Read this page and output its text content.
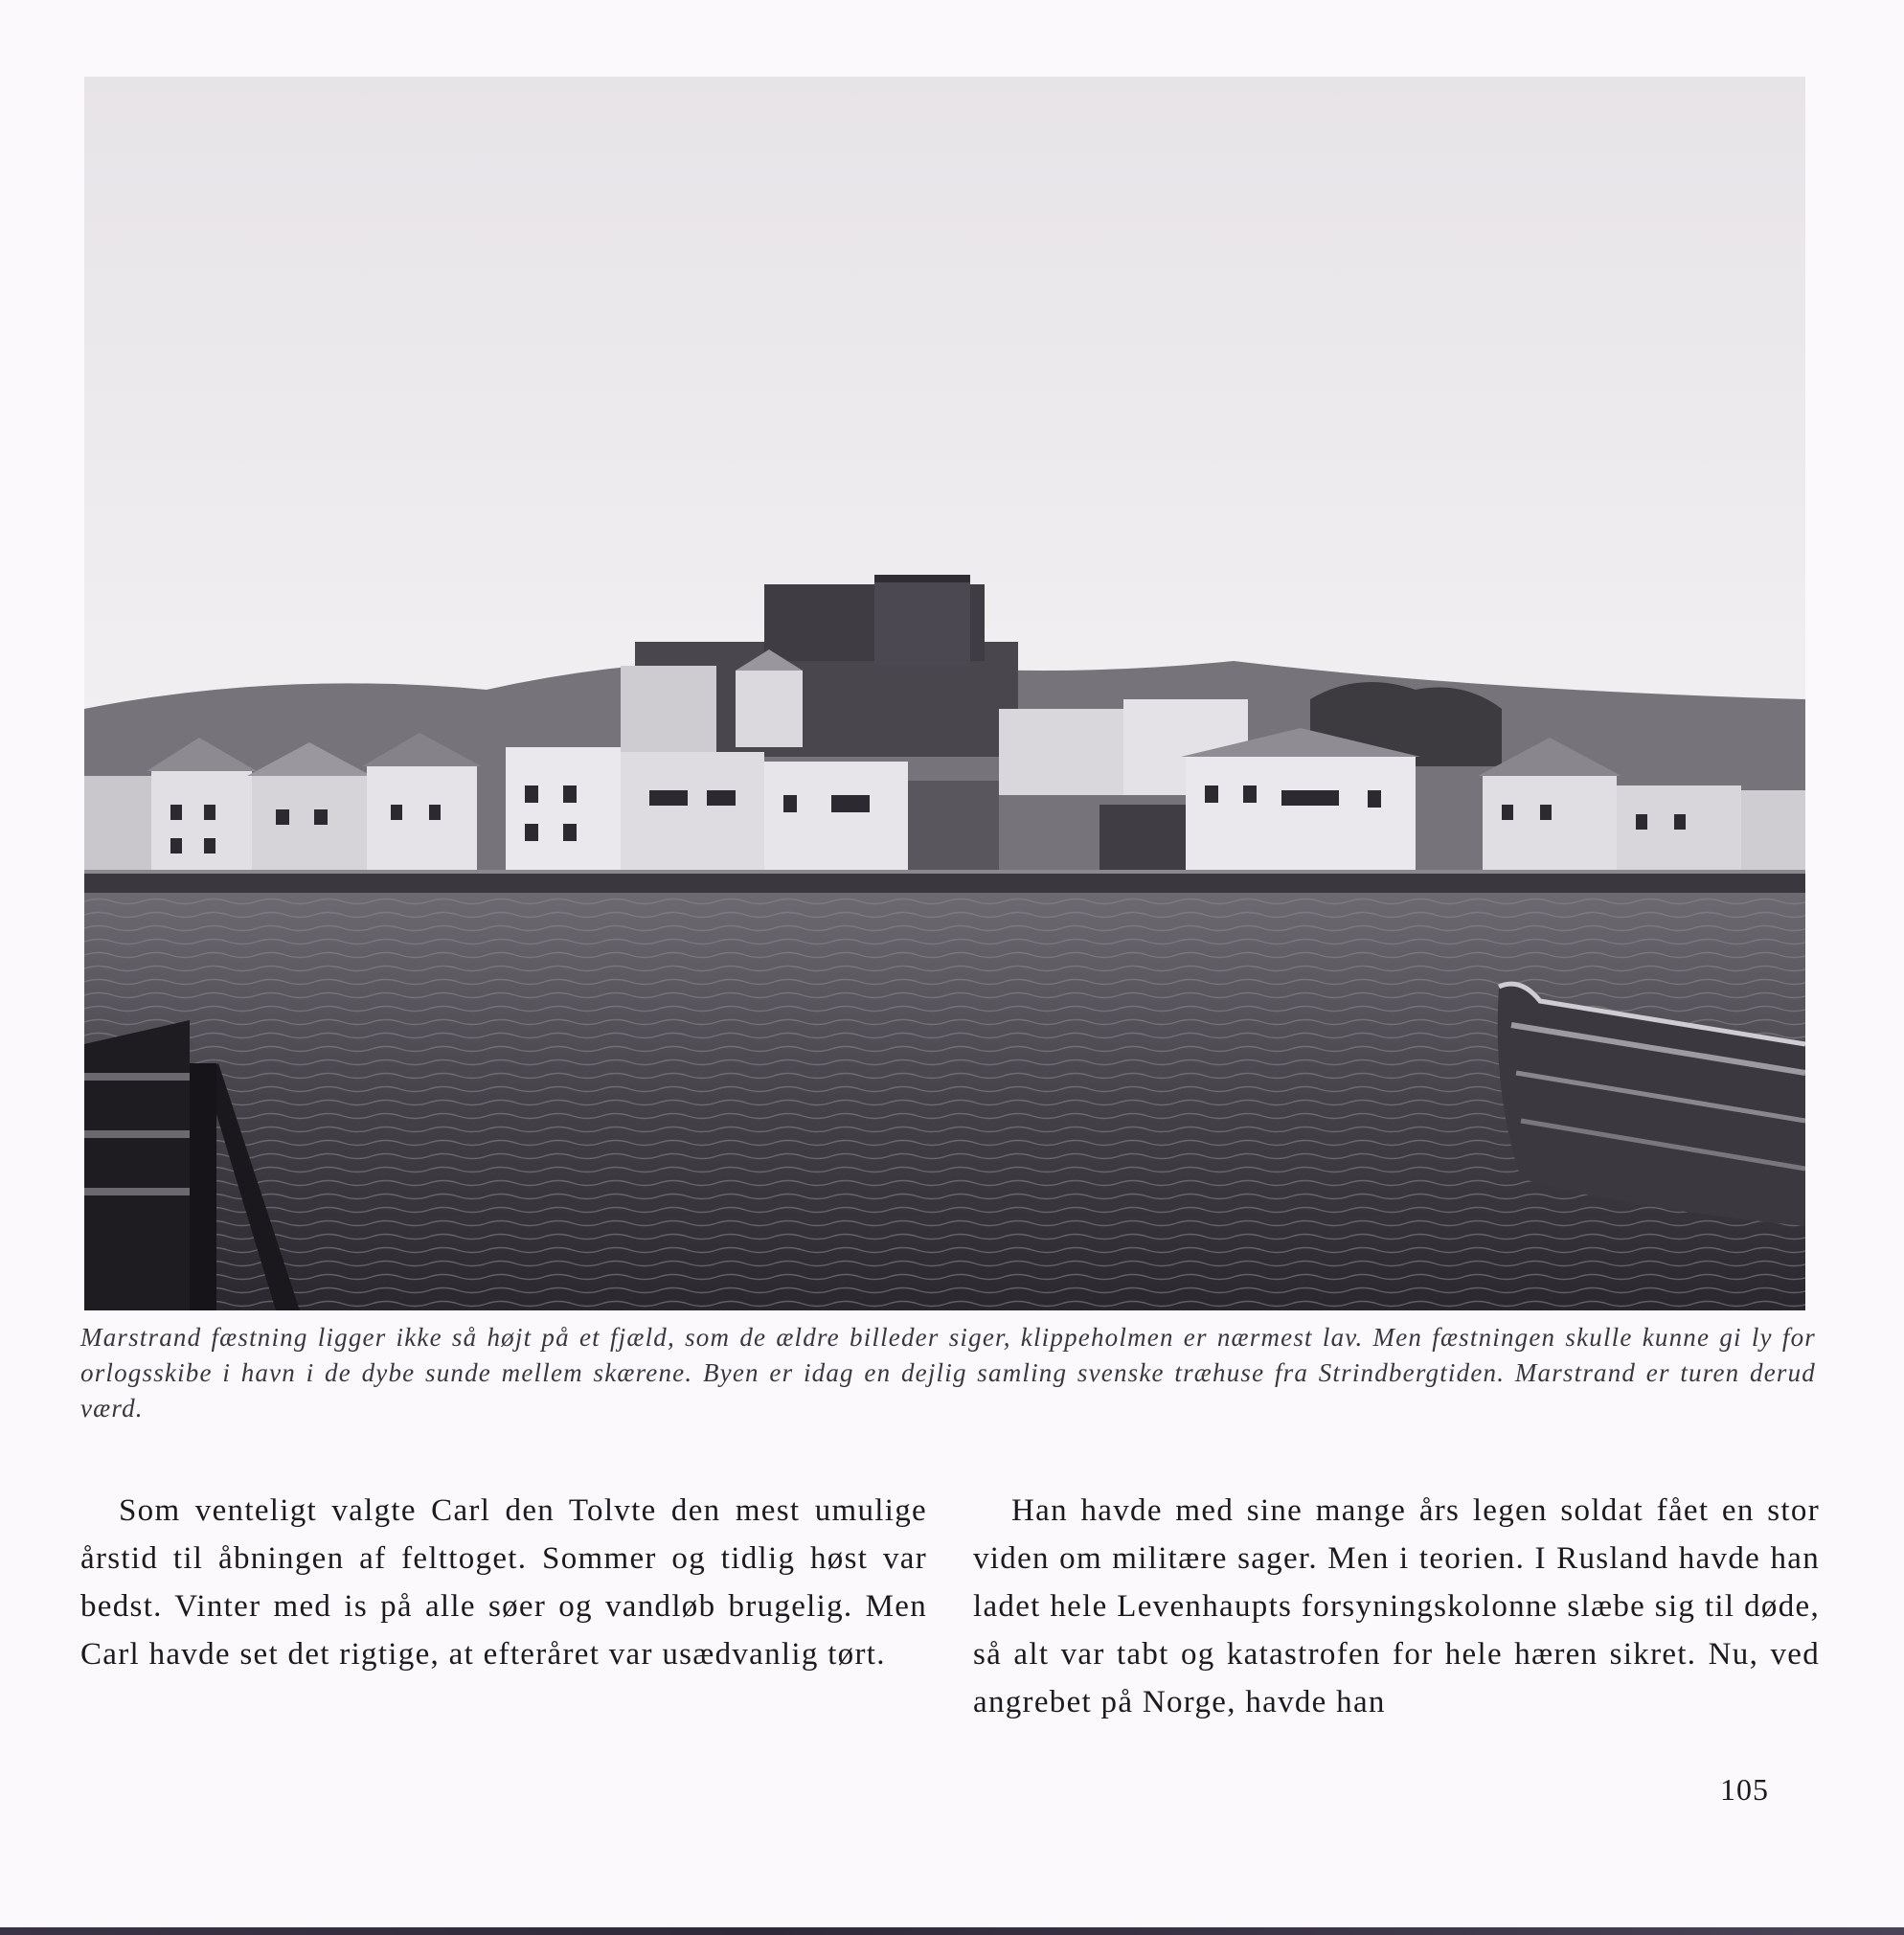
Marstrand fæstning ligger ikke så højt på et fjæld, som de ældre billeder siger, klippeholmen er nærmest lav. Men fæstningen skulle kunne gi ly for orlogsskibe i havn i de dybe sunde mellem skærene. Byen er idag en dejlig samling svenske træhuse fra Strindbergtiden. Marstrand er turen derud værd.

Som venteligt valgte Carl den Tolvte den mest umulige årstid til åbningen af felttoget. Sommer og tidlig høst var bedst. Vinter med is på alle søer og vandløb brugelig. Men Carl havde set det rigtige, at efteråret var usædvanlig tørt.

Han havde med sine mange års legen soldat fået en stor viden om militære sager. Men i teorien. I Rusland havde han ladet hele Levenhaupts forsyningskolonne slæbe sig til døde, så alt var tabt og katastrofen for hele hæren sikret. Nu, ved angrebet på Norge, havde han

105
